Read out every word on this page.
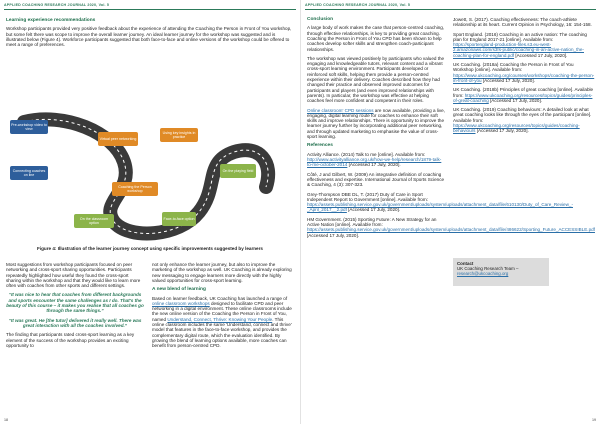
APPLIED COACHING RESEARCH JOURNAL 2020, Vol. 5
Learning experience recommendations

Workshop participants provided very positive feedback about the experience of attending the Coaching the Person in Front of You workshop, but some felt there was scope to improve the overall learner journey. An ideal learner journey for the workshop was suggested and is illustrated below (Figure 4). Workforce participants suggested that both face-to-face and online versions of the workshop could be offered to meet a range of preferences.

Pre-workshop video to view
Connecting coaches on line
Virtual peer networking
Using key insights in practice
Coaching the Person workshop
On the playing field
On the classroom option
Face-to-face option
Figure 4: Illustration of the learner journey concept using specific improvements suggested by learners

Most suggestions from workshop participants focused on peer networking and cross-sport sharing opportunities. Participants repeatedly highlighted how useful they found the cross-sport sharing within the workshop and that they would like to learn more often with coaches from other sports and different settings.

“It was nice to hear that coaches from different backgrounds and sports encounter the same challenges as I do. That's the beauty of this course – it makes you realise that all coaches go through the same things.”

“It was great. He [the tutor] delivered it really well. There was great interaction with all the coaches involved.”

The finding that participants rated cross-sport learning as a key element of the success of the workshop provides an exciting opportunity to

not only enhance the learner journey, but also to improve the marketing of the workshop as well. UK Coaching is already exploring new messaging to engage learners more directly with the highly valued opportunities for cross-sport learning.

A new blend of learning

Based on learner feedback, UK Coaching has launched a range of online classroom workshops designed to facilitate CPD and peer networking in a digital environment. These online classrooms include the new online version of the Coaching the Person in Front of You, named Understand, Connect, Thrive: Knowing Your People. This online classroom includes the same 'Understand, connect and thrive' model that features in the face-to-face workshop, and provides the complementary digital route, which the evaluation identified. By growing the blend of learning options available, more coaches can benefit from person-centred CPD.

18
APPLIED COACHING RESEARCH JOURNAL 2020, Vol. 5
Conclusion

A large body of work makes the case that person-centred coaching, through effective relationships, is key to providing great coaching. Coaching the Person in Front of You CPD has been shown to help coaches develop softer skills and strengthen coach-participant relationships.

The workshop was viewed positively by participants who valued the engaging and knowledgeable tutors, relevant content and a vibrant cross-sport learning environment. Participants developed or reinforced soft skills, helping them provide a person-centred experience within their delivery. Coaches described how they had changed their practice and observed improved outcomes for participants and players (and even improved relationships with parents). In particular, the workshop was effective at helping coaches feel more confident and competent in their roles.

Online classroom' CPD sessions are now available, providing a live, engaging, digital learning route for coaches to enhance their soft skills and improve relationships. There is opportunity to improve the learner journey further by incorporating additional peer networking, and through updated marketing to emphasise the value of cross-sport learning.

References

Activity Alliance. (2014) Talk to me [online]. Available from: http://www.activityalliance.org.uk/how-we-help/research/1879-talk-to-me-october-2014 [Accessed 17 July, 2020].

Côté, J and Gilbert, W. (2009) An integrative definition of coaching effectiveness and expertise. International Journal of Sports Science & Coaching, 4 (3): 307-323.

Grey-Thompson DBE DL, T. (2017) Duty of Care in Sport Independent Report to Government [online]. Available from: https://assets.publishing.service.gov.uk/government/uploads/system/uploads/attachment_data/file/610130/Duty_of_Care_Review_-_April_2017__2.pdf [Accessed 17 July, 2020].

HM Government. (2015) Sporting Future: A New Strategy for an Active Nation [online]. Available from: https://assets.publishing.service.gov.uk/government/uploads/system/uploads/attachment_data/file/486622/Sporting_Future_ACCESSIBLE.pdf [Accessed 17 July, 2020].

Jowett, S. (2017). Coaching effectiveness: The coach-athlete relationship at its heart. Current Opinion in Psychology, 16: 154-158.

Sport England. (2016) Coaching in an active nation: The coaching plan for England 2017-21 [online]. Available from: https://sportengland-production-files.s3.eu-west-2.amazonaws.com/s3fs-public/coaching-in-an-active-nation_the-coaching-plan-for-england.pdf [Accessed 17 July, 2020].

UK Coaching. (2018a) Coaching the Person in Front of You Workshop [online]. Available from: https://www.ukcoaching.org/courses/workshops/coaching-the-person-in-front-of-you [Accessed 17 July, 2020].

UK Coaching. (2018b) Principles of great coaching [online]. Available from: https://www.ukcoaching.org/resources/topics/guides/principles-of-great-coaching [Accessed 17 July, 2020].

UK Coaching. (2019) Coaching behaviours: A detailed look at what great coaching looks like through the eyes of the participant [online]. Available from: https://www.ukcoaching.org/resources/topics/guides/coaching-behaviours [Accessed 17 July, 2020].

Contact
UK Coaching Research Team –
research@ukcoaching.org
19
